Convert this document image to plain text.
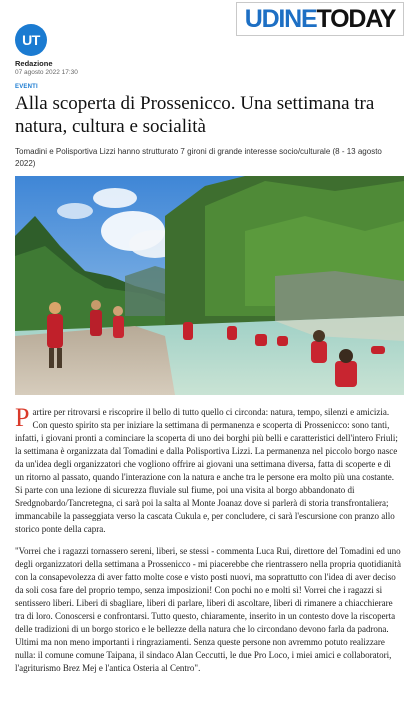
UDINE TODAY
UT
Redazione
07 agosto 2022 17:30
EVENTI
Alla scoperta di Prossenicco. Una settimana tra natura, cultura e socialità

Tomadini e Polisportiva Lizzi hanno strutturato 7 gironi di grande interesse socio/culturale (8 - 13 agosto 2022)

Partire per ritrovarsi e riscoprire il bello di tutto quello ci circonda: natura, tempo, silenzi e amicizia. Con questo spirito sta per iniziare la settimana di permanenza e scoperta di Prossenicco: sono tanti, infatti, i giovani pronti a cominciare la scoperta di uno dei borghi più belli e caratteristici dell'intero Friuli; la settimana è organizzata dal Tomadini e dalla Polisportiva Lizzi. La permanenza nel piccolo borgo nasce da un'idea degli organizzatori che vogliono offrire ai giovani una settimana diversa, fatta di scoperte e di un ritorno al passato, quando l'interazione con la natura e anche tra le persone era molto più una costante. Si parte con una lezione di sicurezza fluviale sul fiume, poi una visita al borgo abbandonato di Sredgnobardo/Tancretegna, ci sarà poi la salta al Monte Joanaz dove si parlerà di storia transfrontaliera; immancabile la passeggiata verso la cascata Cukula e, per concludere, ci sarà l'escursione con pranzo allo storico ponte della capra.

"Vorrei che i ragazzi tornassero sereni, liberi, se stessi - commenta Luca Rui, direttore del Tomadini ed uno degli organizzatori della settimana a Prossenicco - mi piacerebbe che rientrassero nella propria quotidianità con la consapevolezza di aver fatto molte cose e visto posti nuovi, ma soprattutto con l'idea di aver deciso da soli cosa fare del proprio tempo, senza imposizioni! Con pochi no e molti sì! Vorrei che i ragazzi si sentissero liberi. Liberi di sbagliare, liberi di parlare, liberi di ascoltare, liberi di rimanere a chiacchierare tra di loro. Conoscersi e confrontarsi. Tutto questo, chiaramente, inserito in un contesto dove la riscoperta delle tradizioni di un borgo storico e le bellezze della natura che lo circondano devono farla da padrona. Ultimi ma non meno importanti i ringraziamenti. Senza queste persone non avremmo potuto realizzare nulla: il comune comune Taipana, il sindaco Alan Ceccutti, le due Pro Loco, i miei amici e collaboratori, l'agriturismo Brez Mej e l'antica Osteria al Centro".
